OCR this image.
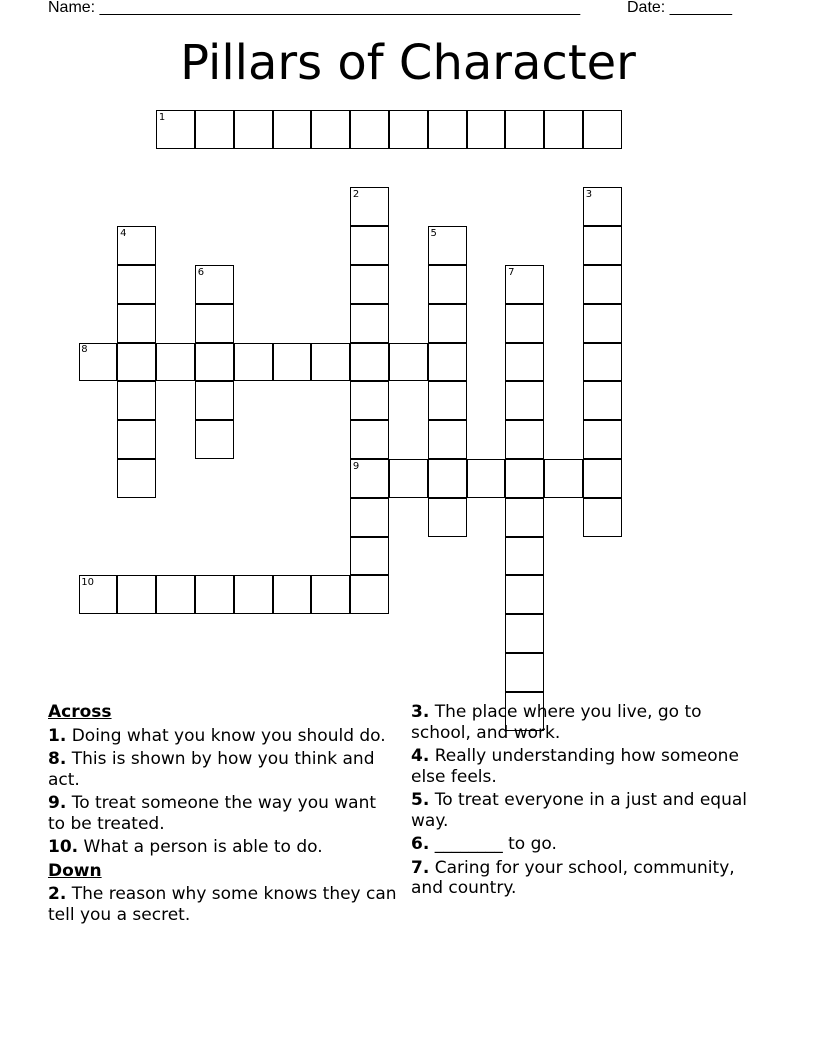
Name: ______________________________________________________	Date: _______
Pillars of Character
1
2	3
4	5
6	7
8
9
10
Across
1. Doing what you know you should do.
8. This is shown by how you think and act.
9. To treat someone the way you want to be treated.
10. What a person is able to do.
Down
2. The reason why some knows they can tell you a secret.
3. The place where you live, go to school, and work.
4. Really understanding how someone else feels.
5. To treat everyone in a just and equal way.
6. ________ to go.
7. Caring for your school, community, and country.
